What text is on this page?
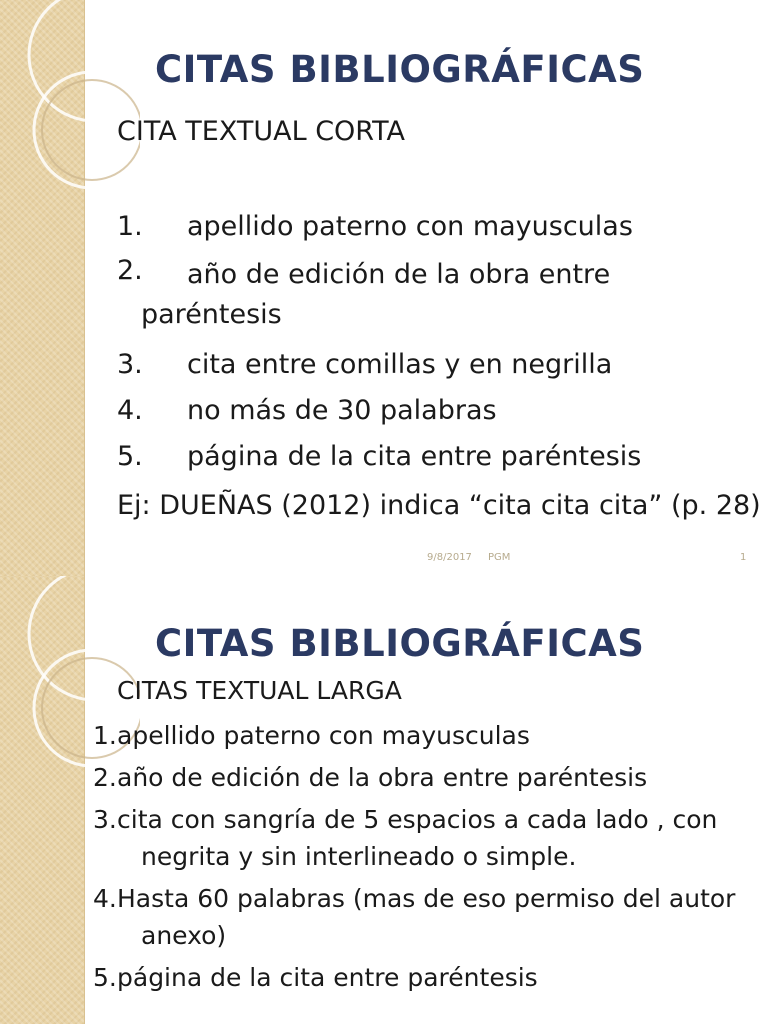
CITAS BIBLIOGRÁFICAS

CITA TEXTUAL CORTA

1. apellido paterno con mayusculas
2. año de edición de la obra entre
paréntesis
3. cita entre comillas y en negrilla
4. no más de 30 palabras
5. página de la cita entre paréntesis

Ej: DUEÑAS (2012) indica “cita cita cita” (p. 28)

9/8/2017 PGM	1
CITAS BIBLIOGRÁFICAS

CITAS TEXTUAL LARGA

1.apellido paterno con mayusculas
2.año de edición de la obra entre paréntesis
3.cita con sangría de 5 espacios a cada lado , con negrita y sin interlineado o simple.
4.Hasta 60 palabras (mas de eso permiso del autor anexo)
5.página de la cita entre paréntesis
